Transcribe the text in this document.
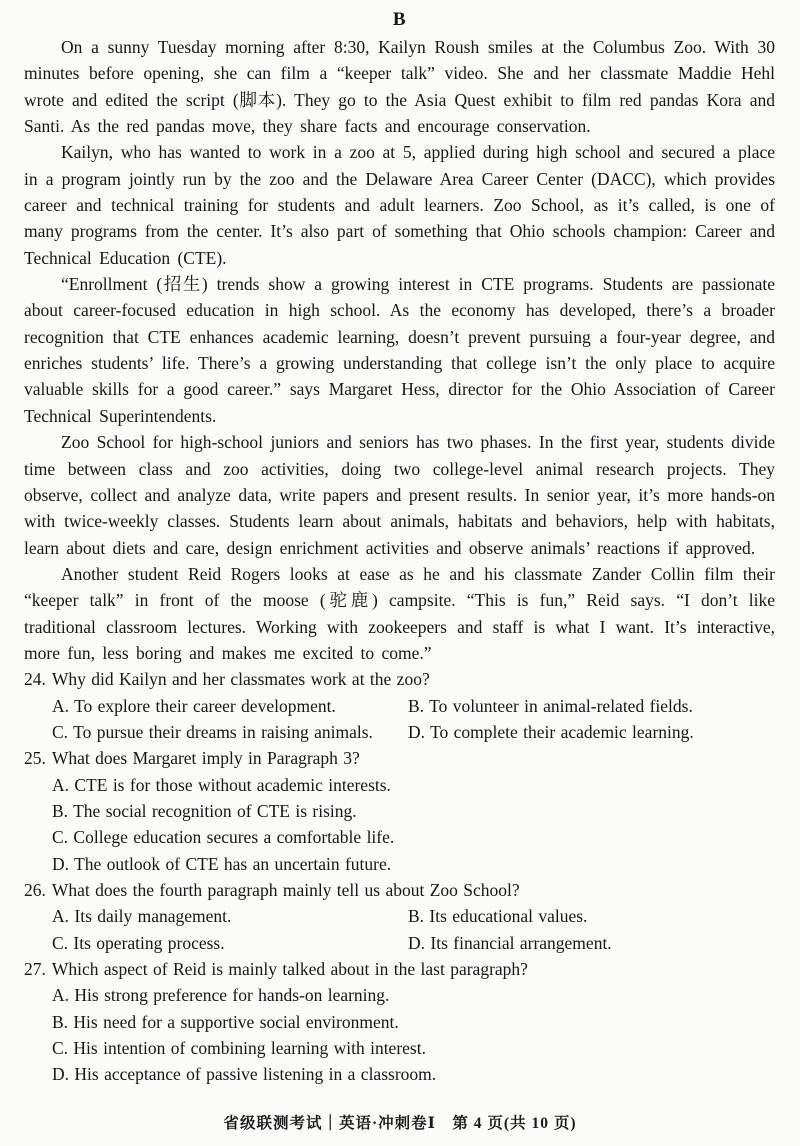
B

On a sunny Tuesday morning after 8:30, Kailyn Roush smiles at the Columbus Zoo. With 30 minutes before opening, she can film a “keeper talk” video. She and her classmate Maddie Hehl wrote and edited the script (脚本). They go to the Asia Quest exhibit to film red pandas Kora and Santi. As the red pandas move, they share facts and encourage conservation.

Kailyn, who has wanted to work in a zoo at 5, applied during high school and secured a place in a program jointly run by the zoo and the Delaware Area Career Center (DACC), which provides career and technical training for students and adult learners. Zoo School, as it’s called, is one of many programs from the center. It’s also part of something that Ohio schools champion: Career and Technical Education (CTE).

“Enrollment (招生) trends show a growing interest in CTE programs. Students are passionate about career-focused education in high school. As the economy has developed, there’s a broader recognition that CTE enhances academic learning, doesn’t prevent pursuing a four-year degree, and enriches students’ life. There’s a growing understanding that college isn’t the only place to acquire valuable skills for a good career.” says Margaret Hess, director for the Ohio Association of Career Technical Superintendents.

Zoo School for high-school juniors and seniors has two phases. In the first year, students divide time between class and zoo activities, doing two college-level animal research projects. They observe, collect and analyze data, write papers and present results. In senior year, it’s more hands-on with twice-weekly classes. Students learn about animals, habitats and behaviors, help with habitats, learn about diets and care, design enrichment activities and observe animals’ reactions if approved.

Another student Reid Rogers looks at ease as he and his classmate Zander Collin film their “keeper talk” in front of the moose (驼鹿) campsite. “This is fun,” Reid says. “I don’t like traditional classroom lectures. Working with zookeepers and staff is what I want. It’s interactive, more fun, less boring and makes me excited to come.”

24. Why did Kailyn and her classmates work at the zoo?

A. To explore their career development.	B. To volunteer in animal-related fields.
C. To pursue their dreams in raising animals.	D. To complete their academic learning.

25. What does Margaret imply in Paragraph 3?

A. CTE is for those without academic interests.
B. The social recognition of CTE is rising.
C. College education secures a comfortable life.
D. The outlook of CTE has an uncertain future.

26. What does the fourth paragraph mainly tell us about Zoo School?

A. Its daily management.	B. Its educational values.
C. Its operating process.	D. Its financial arrangement.

27. Which aspect of Reid is mainly talked about in the last paragraph?

A. His strong preference for hands-on learning.
B. His need for a supportive social environment.
C. His intention of combining learning with interest.
D. His acceptance of passive listening in a classroom.
省级联测考试｜英语·冲刺卷Ⅰ　第 4 页(共 10 页)
